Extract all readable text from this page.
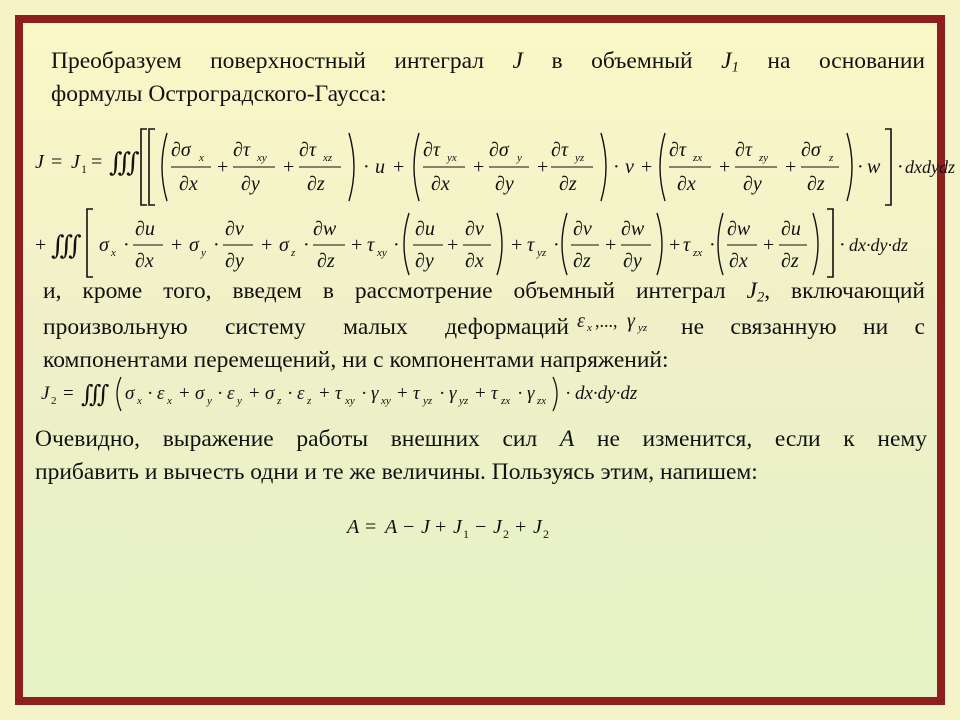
Преобразуем поверхностный интеграл J в объемный $J_1$ на основании
формулы Остроградского-Гаусса:
J = J 1 = ∭ ∂σ x
∂x
+
∂τ xy
∂y
+
∂τ xz
∂z
· u +
∂τ yx
∂x
+
∂σ y
∂y
+
∂τ yz
∂z
· v +
∂τ zx
∂x
+
∂τ zy
∂y
+
∂σ z
∂z
· w · dxdydz
+ ∭ σ x ·
∂u
∂x
+ σ y ·
∂v
∂y
+ σ z ·
∂w
∂z
+ τ xy ·
∂u
∂y
+
∂v
∂x
+ τ yz ·
∂v
∂z
+
∂w
∂y
+ τ zx ·
∂w
∂x
+
∂u
∂z
· dx·dy·dz
и, кроме того, введем в рассмотрение объемный интеграл $J_2$, включающий
произвольную систему малых деформаций ε x ,..., γ yz не связанную ни с
компонентами перемещений, ни с компонентами напряжений:
J 2 = ∭ σ x · ε x + σ y · ε y + σ z · ε z + τ xy · γ xy + τ yz · γ yz + τ zx · γ zx · dx·dy·dz
Очевидно, выражение работы внешних сил A не изменится, если к нему
прибавить и вычесть одни и те же величины. Пользуясь этим, напишем:
A = A − J + J 1 − J 2 + J 2
